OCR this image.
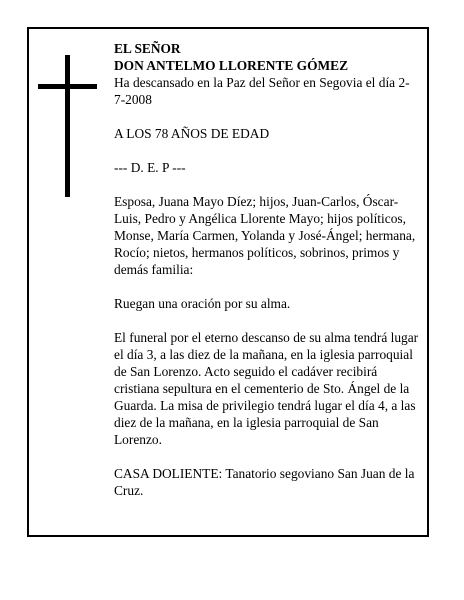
EL SEÑOR

DON ANTELMO LLORENTE GÓMEZ

Ha descansado en la Paz del Señor en Segovia el día 2-7-2008

A LOS 78 AÑOS DE EDAD

--- D. E. P ---

Esposa, Juana Mayo Díez; hijos, Juan-Carlos, Óscar-Luis, Pedro y Angélica Llorente Mayo; hijos políticos, Monse, María Carmen, Yolanda y José-Ángel; hermana, Rocío; nietos, hermanos políticos, sobrinos, primos y demás familia:

Ruegan una oración por su alma.

El funeral por el eterno descanso de su alma tendrá lugar el día 3, a las diez de la mañana, en la iglesia parroquial de San Lorenzo. Acto seguido el cadáver recibirá cristiana sepultura en el cementerio de Sto. Ángel de la Guarda. La misa de privilegio tendrá lugar el día 4, a las diez de la mañana, en la iglesia parroquial de San Lorenzo.

CASA DOLIENTE: Tanatorio segoviano San Juan de la Cruz.
